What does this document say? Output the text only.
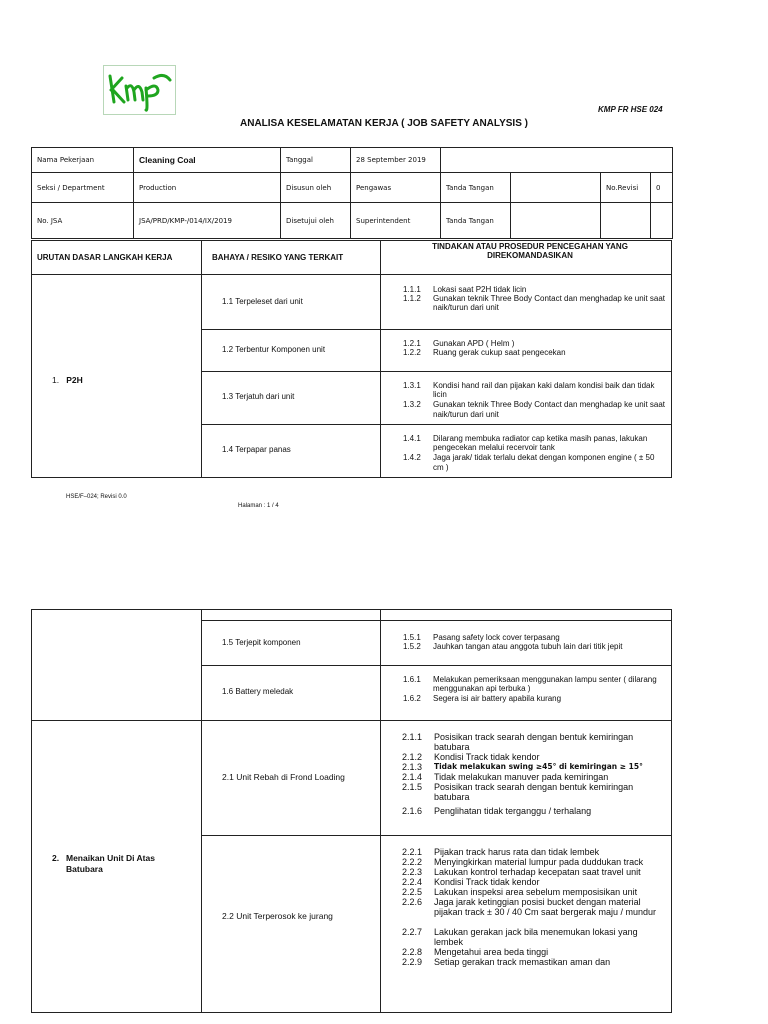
KMP FR HSE 024
ANALISA KESELAMATAN KERJA ( JOB SAFETY ANALYSIS )
Nama Pekerjaan	Cleaning Coal	Tanggal	28 September 2019				
Seksi / Department	Production	Disusun oleh	Pengawas	Tanda Tangan		No.Revisi	0
No. JSA	JSA/PRD/KMP-/014/IX/2019	Disetujui oleh	Superintendent	Tanda Tangan			
URUTAN DASAR LANGKAH KERJA	BAHAYA / RESIKO YANG TERKAIT
TINDAKAN ATAU PROSEDUR PENCEGAHAN YANG DIREKOMANDASIKAN
1. P2H
1.1 Terpeleset dari unit
1.1.1	Lokasi saat P2H tidak licin
1.1.2	Gunakan teknik Three Body Contact dan menghadap ke unit saat naik/turun dari unit
1.2 Terbentur Komponen unit
1.2.1	Gunakan APD ( Helm )
1.2.2	Ruang gerak cukup saat pengecekan
1.3 Terjatuh dari unit
1.3.1	Kondisi hand rail dan pijakan kaki dalam kondisi baik dan tidak licin
1.3.2	Gunakan teknik Three Body Contact dan menghadap ke unit saat naik/turun dari unit
1.4 Terpapar panas
1.4.1	Dilarang membuka radiator cap ketika masih panas, lakukan pengecekan melalui recervoir tank
1.4.2	Jaga jarak/ tidak terlalu dekat dengan komponen engine ( ± 50 cm )
HSE/F–024; Revisi 0.0
Halaman : 1 / 4
1.5 Terjepit komponen
1.5.1	Pasang safety lock cover terpasang
1.5.2	Jauhkan tangan atau anggota tubuh lain dari titik jepit
1.6 Battery meledak
1.6.1	Melakukan pemeriksaan menggunakan lampu senter ( dilarang menggunakan api terbuka )
1.6.2	Segera isi air battery apabila kurang
2. Menaikan Unit Di Atas Batubara
2.1 Unit Rebah di Frond Loading
2.1.1	Posisikan track searah dengan bentuk kemiringan batubara
2.1.2	Kondisi Track tidak kendor
2.1.3	Tidak melakukan swing ≥45° di kemiringan ≥ 15°
2.1.4	Tidak melakukan manuver pada kemiringan
2.1.5	Posisikan track searah dengan bentuk kemiringan batubara
2.1.6	Penglihatan tidak terganggu / terhalang
2.2 Unit Terperosok ke jurang
2.2.1	Pijakan track harus rata dan tidak lembek
2.2.2	Menyingkirkan material lumpur pada duddukan track
2.2.3	Lakukan kontrol terhadap kecepatan saat travel unit
2.2.4	Kondisi Track tidak kendor
2.2.5	Lakukan inspeksi area sebelum memposisikan unit
2.2.6	Jaga jarak ketinggian posisi bucket dengan material pijakan track ± 30 / 40 Cm saat bergerak maju / mundur
2.2.7	Lakukan gerakan jack bila menemukan lokasi yang lembek
2.2.8	Mengetahui area beda tinggi
2.2.9	Setiap gerakan track memastikan aman dan
